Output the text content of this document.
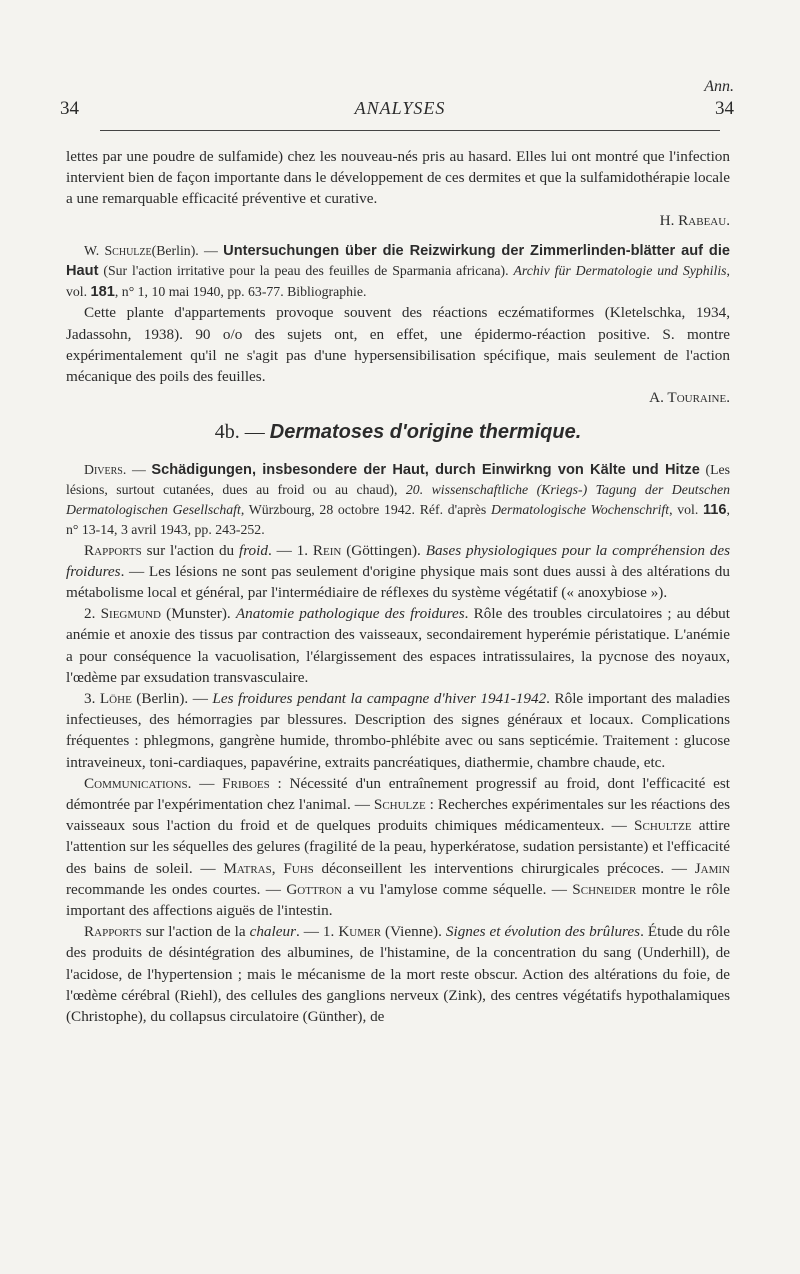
34	ANALYSES
Ann.
34

lettes par une poudre de sulfamide) chez les nouveau-nés pris au hasard. Elles lui ont montré que l'infection intervient bien de façon importante dans le développement de ces dermites et que la sulfamidothérapie locale a une remarquable efficacité préventive et curative.

H. Rabeau.

W. Schulze(Berlin). — Untersuchungen über die Reizwirkung der Zimmerlinden-blätter auf die Haut (Sur l'action irritative pour la peau des feuilles de Sparmania africana). Archiv für Dermatologie und Syphilis, vol. 181, n° 1, 10 mai 1940, pp. 63-77. Bibliographie.

Cette plante d'appartements provoque souvent des réactions eczématiformes (Kletelschka, 1934, Jadassohn, 1938). 90 o/o des sujets ont, en effet, une épidermo-réaction positive. S. montre expérimentalement qu'il ne s'agit pas d'une hypersensibilisation spécifique, mais seulement de l'action mécanique des poils des feuilles.

A. Touraine.

4b. — Dermatoses d'origine thermique.

Divers. — Schädigungen, insbesondere der Haut, durch Einwirkng von Kälte und Hitze (Les lésions, surtout cutanées, dues au froid ou au chaud), 20. wissenschaftliche (Kriegs-) Tagung der Deutschen Dermatologischen Gesellschaft, Würzbourg, 28 octobre 1942. Réf. d'après Dermatologische Wochenschrift, vol. 116, n° 13-14, 3 avril 1943, pp. 243-252.

Rapports sur l'action du froid. — 1. Rein (Göttingen). Bases physiologiques pour la compréhension des froidures. — Les lésions ne sont pas seulement d'origine physique mais sont dues aussi à des altérations du métabolisme local et général, par l'intermédiaire de réflexes du système végétatif (« anoxybiose »).

2. Siegmund (Munster). Anatomie pathologique des froidures. Rôle des troubles circulatoires ; au début anémie et anoxie des tissus par contraction des vaisseaux, secondairement hyperémie péristatique. L'anémie a pour conséquence la vacuolisation, l'élargissement des espaces intratissulaires, la pycnose des noyaux, l'œdème par exsudation transvasculaire.

3. Löhe (Berlin). — Les froidures pendant la campagne d'hiver 1941-1942. Rôle important des maladies infectieuses, des hémorragies par blessures. Description des signes généraux et locaux. Complications fréquentes : phlegmons, gangrène humide, thrombo-phlébite avec ou sans septicémie. Traitement : glucose intraveineux, toni-cardiaques, papavérine, extraits pancréatiques, diathermie, chambre chaude, etc.

Communications. — Friboes : Nécessité d'un entraînement progressif au froid, dont l'efficacité est démontrée par l'expérimentation chez l'animal. — Schulze : Recherches expérimentales sur les réactions des vaisseaux sous l'action du froid et de quelques produits chimiques médicamenteux. — Schultze attire l'attention sur les séquelles des gelures (fragilité de la peau, hyperkératose, sudation persistante) et l'efficacité des bains de soleil. — Matras, Fuhs déconseillent les interventions chirurgicales précoces. — Jamin recommande les ondes courtes. — Gottron a vu l'amylose comme séquelle. — Schneider montre le rôle important des affections aiguës de l'intestin.

Rapports sur l'action de la chaleur. — 1. Kumer (Vienne). Signes et évolution des brûlures. Étude du rôle des produits de désintégration des albumines, de l'histamine, de la concentration du sang (Underhill), de l'acidose, de l'hypertension ; mais le mécanisme de la mort reste obscur. Action des altérations du foie, de l'œdème cérébral (Riehl), des cellules des ganglions nerveux (Zink), des centres végétatifs hypothalamiques (Christophe), du collapsus circulatoire (Günther), de
